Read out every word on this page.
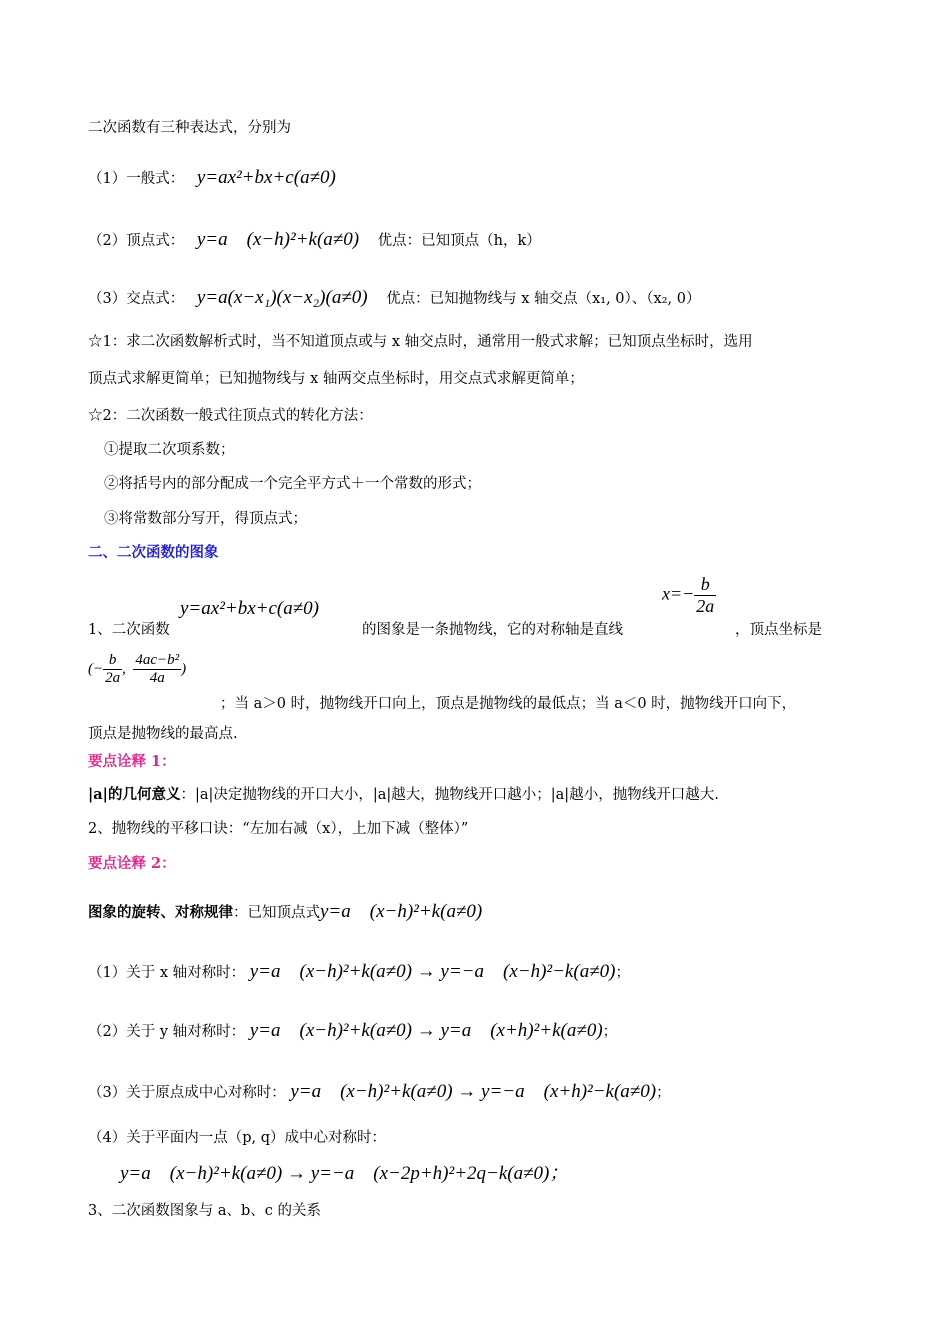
二次函数有三种表达式，分别为
（1）一般式： y=ax²+bx+c(a≠0)
（2）顶点式： y=a　(x−h)²+k(a≠0) 优点：已知顶点（h，k）
（3）交点式： y=a(x−x₁)(x−x₂)(a≠0) 优点：已知抛物线与 x 轴交点（x₁, 0）、（x₂, 0）
☆1：求二次函数解析式时，当不知道顶点或与 x 轴交点时，通常用一般式求解；已知顶点坐标时，选用
顶点式求解更简单；已知抛物线与 x 轴两交点坐标时，用交点式求解更简单；
☆2：二次函数一般式往顶点式的转化方法：
①提取二次项系数；
②将括号内的部分配成一个完全平方式＋一个常数的形式；
③将常数部分写开，得顶点式；
二、二次函数的图象
y=ax²+bx+c(a≠0)
1、二次函数	的图象是一条抛物线，它的对称轴是直线
$x=- \frac{b}{2a}$
，顶点坐标是
(− $\frac{b}{2a}$ , $\frac{\text{4ac−b²}}{4a}$ )
；当 a＞0 时，抛物线开口向上，顶点是抛物线的最低点；当 a＜0 时，抛物线开口向下，
顶点是抛物线的最高点.
要点诠释 1：
|a|的几何意义：|a|决定抛物线的开口大小，|a|越大，抛物线开口越小；|a|越小，抛物线开口越大.
2、抛物线的平移口诀：“左加右减（x），上加下减（整体）”
要点诠释 2：
图象的旋转、对称规律：已知顶点式y=a　(x−h)²+k(a≠0)
（1）关于 x 轴对称时： y=a　(x−h)²+k(a≠0) → y=−a　(x−h)²−k(a≠0)；
（2）关于 y 轴对称时： y=a　(x−h)²+k(a≠0) → y=a　(x+h)²+k(a≠0)；
（3）关于原点成中心对称时： y=a　(x−h)²+k(a≠0) → y=−a　(x+h)²−k(a≠0)；
（4）关于平面内一点（p, q）成中心对称时：
y=a　(x−h)²+k(a≠0) → y=−a　(x−2p+h)²+2q−k(a≠0)；
3、二次函数图象与 a、b、c 的关系
